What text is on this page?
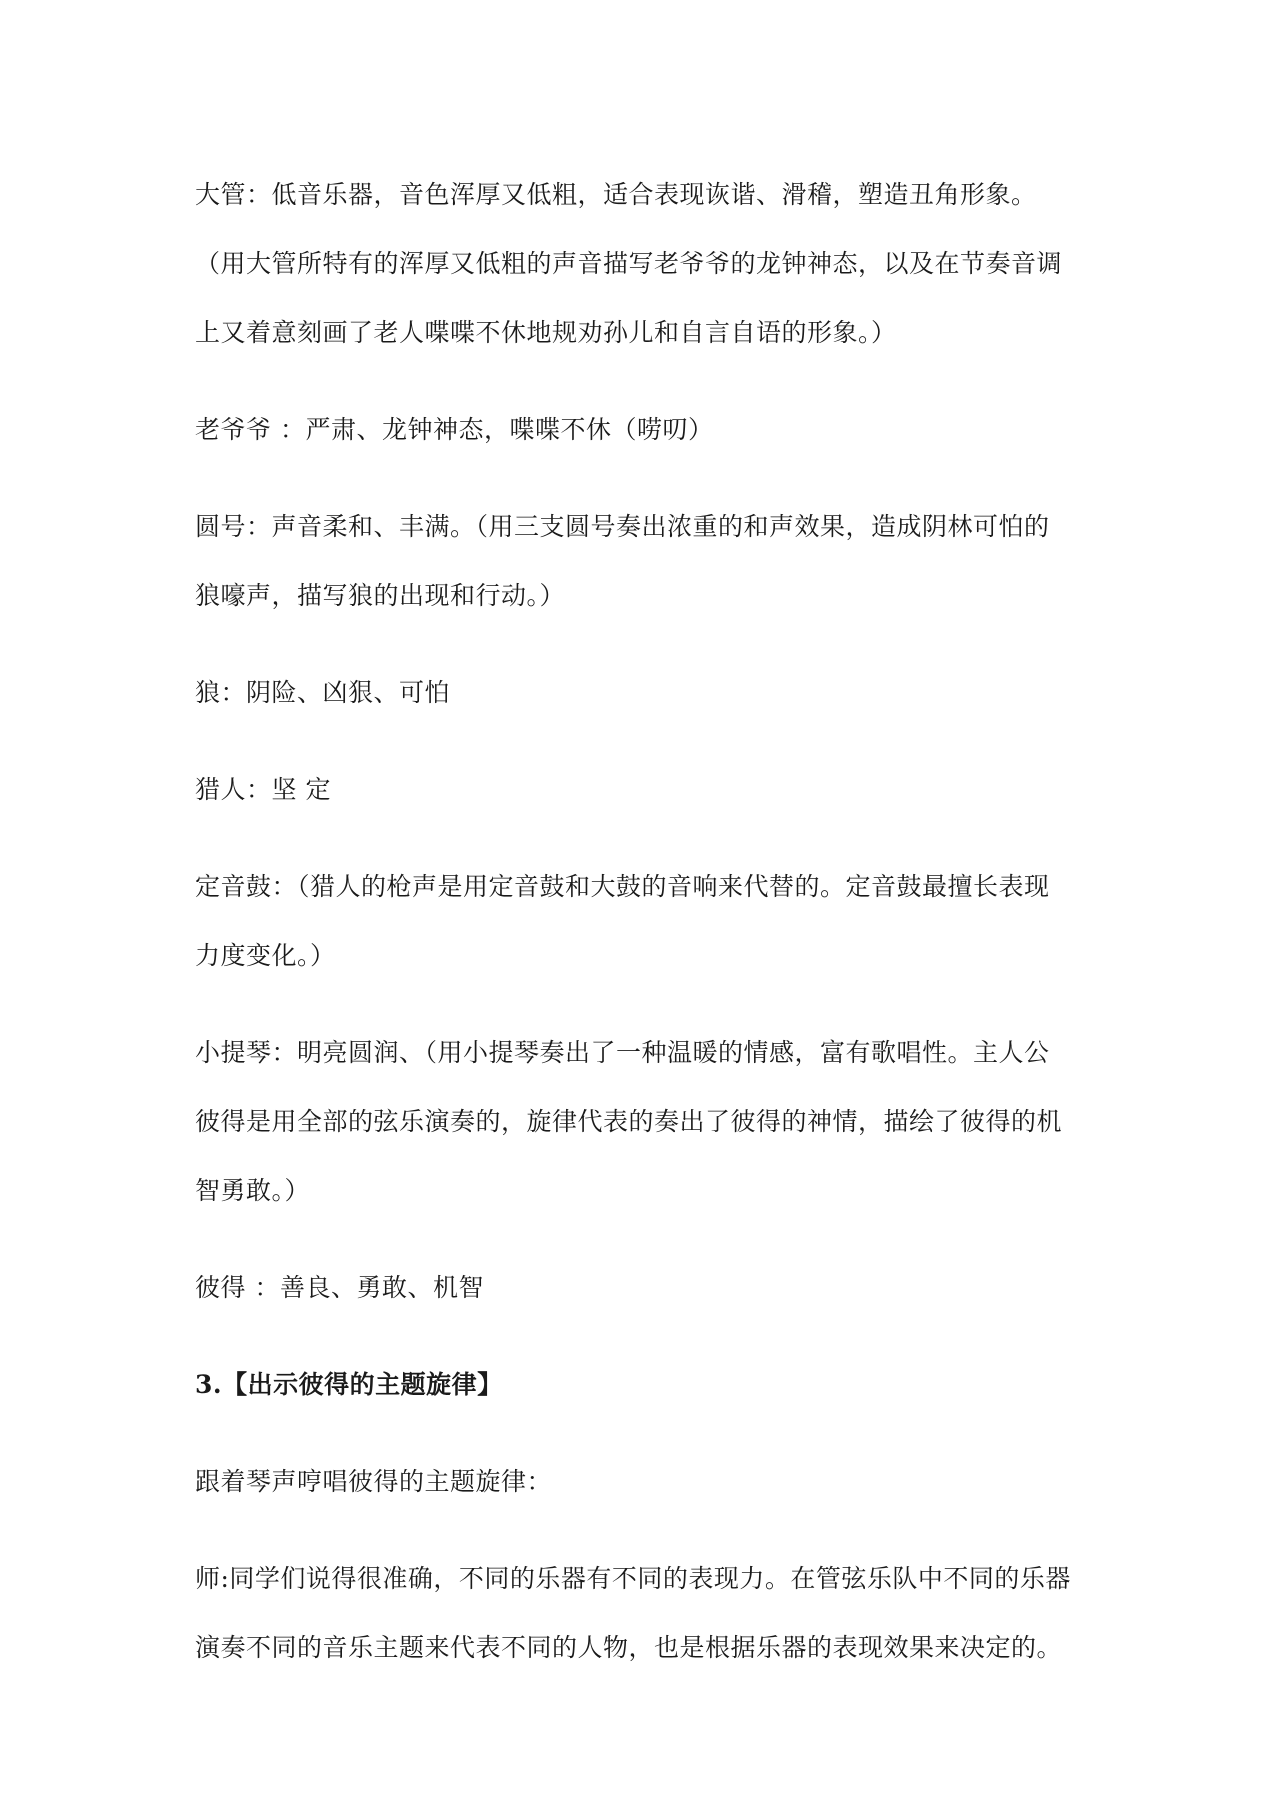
大管：低音乐器，音色浑厚又低粗，适合表现诙谐、滑稽，塑造丑角形象。

（用大管所特有的浑厚又低粗的声音描写老爷爷的龙钟神态，以及在节奏音调

上又着意刻画了老人喋喋不休地规劝孙儿和自言自语的形象。）

老爷爷 ：严肃、龙钟神态，喋喋不休（唠叨）

圆号：声音柔和、丰满。（用三支圆号奏出浓重的和声效果，造成阴林可怕的

狼嚎声，描写狼的出现和行动。）

狼：阴险、凶狠、可怕

猎人：坚 定

定音鼓：（猎人的枪声是用定音鼓和大鼓的音响来代替的。定音鼓最擅长表现

力度变化。）

小提琴：明亮圆润、（用小提琴奏出了一种温暖的情感，富有歌唱性。主人公

彼得是用全部的弦乐演奏的，旋律代表的奏出了彼得的神情，描绘了彼得的机

智勇敢。）

彼得 ：善良、勇敢、机智

3.【出示彼得的主题旋律】

跟着琴声哼唱彼得的主题旋律：

师:同学们说得很准确，不同的乐器有不同的表现力。在管弦乐队中不同的乐器

演奏不同的音乐主题来代表不同的人物，也是根据乐器的表现效果来决定的。
